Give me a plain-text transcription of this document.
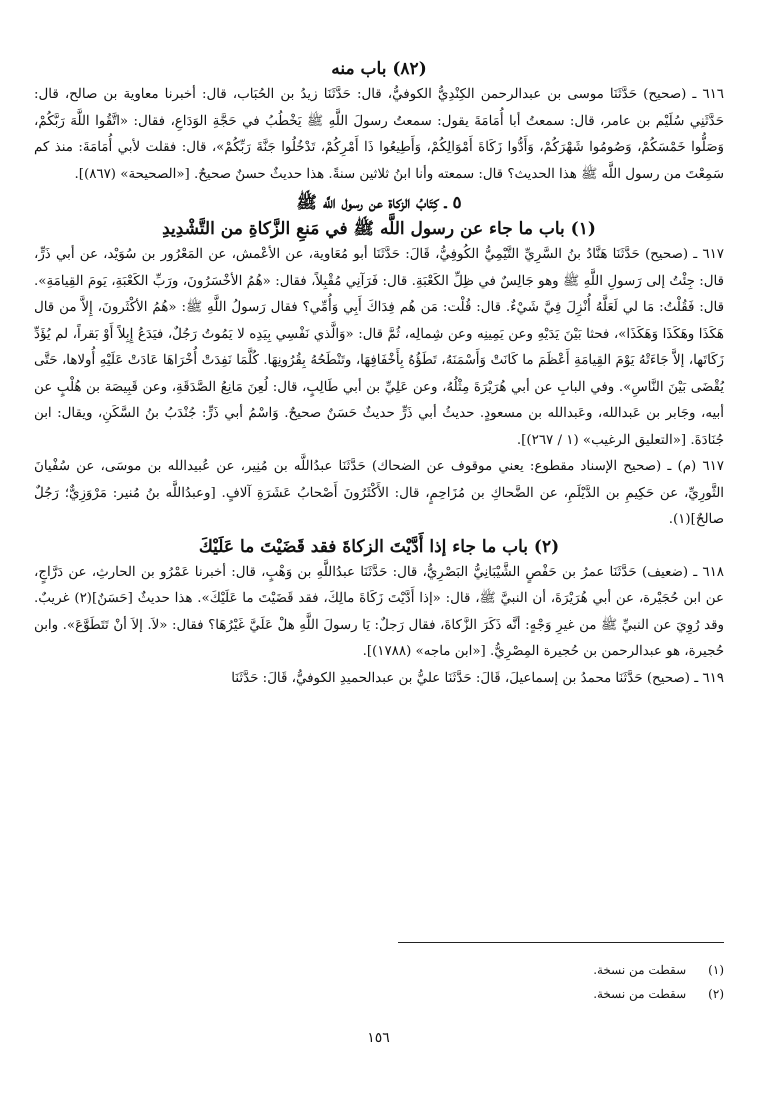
(٨٢) باب منه

٦١٦ ـ (صحيح) حَدَّثَنَا موسى بن عبدالرحمن الكِنْدِيُّ الكوفيُّ، قال: حَدَّثَنَا زيدُ بن الحُبَاب، قال: أخبرنا معاوية بن صالح، قال: حَدَّثَنِي سُلَيْم بن عامر، قال: سمعتُ أبا أُمَامَةَ يقول: سمعتُ رسولَ اللَّهِ ﷺ يَخْطُبُ في حَجَّةِ الوَدَاعِ، فقال: «اتَّقُوا اللَّهَ رَبَّكُمْ، وَصَلُّوا خَمْسَكُمْ، وَصُومُوا شَهْرَكُمْ، وَأَدُّوا زَكَاةَ أَمْوَالِكُمْ، وَأَطِيعُوا ذَا أَمْرِكُمْ، تَدْخُلُوا جَنَّةَ رَبِّكُمْ»، قال: فقلت لأبي أُمَامَةَ: منذ كم سَمِعْتَ من رسول اللَّه ﷺ هذا الحديث؟ قال: سمعته وأنا ابنُ ثلاثين سنةً. هذا حديثٌ حسنٌ صحيحٌ. [«الصحيحة» (٨٦٧)].

٥ ـ كِتَابُ الزكاة عن رسول اللَّه ﷺ

(١) باب ما جاء عن رسول اللَّه ﷺ في مَنعِ الزَّكاةِ من التَّشْدِيدِ

٦١٧ ـ (صحيح) حَدَّثَنَا هَنَّادُ بنُ السَّرِيِّ التَّيْمِيُّ الكُوفِيُّ، قَالَ: حَدَّثَنَا أبو مُعَاوية، عن الأعْمش، عن المَعْرُور بن سُوَيْد، عن أبي ذَرٍّ، قال: جِئْتُ إلى رَسولِ اللَّهِ ﷺ وهو جَالِسٌ في ظِلِّ الكَعْبَةِ. قال: فَرَآنِي مُقْبِلاً، فقال: «هُمُ الأخْسَرُونَ، ورَبِّ الكَعْبَةِ، يَومَ القِيامَةِ». قال: فَقُلْتُ: مَا لي لَعَلَّهُ أُنْزِلَ فِيَّ شَيْءٌ. قال: قُلْت: مَن هُم فِدَاكَ أَبِي وَأُمِّي؟ فقال رَسولُ اللَّهِ ﷺ: «هُمُ الأكْثَرونَ، إِلاَّ من قال هَكَذَا وهَكَذَا وَهَكَذَا»، فحثا بَيْنَ يَدَيْهِ وعن يَمِينِه وعن شِمالِه، ثُمَّ قال: «وَالَّذي نَفْسِي بِيَدِه لا يَمُوتُ رَجُلٌ، فيَدَعُ إِبِلاً أَوْ بَقراً، لم يُؤَدِّ زَكَاتَها، إلاَّ جَاءَتْهُ يَوْمَ القِيامَةِ أَعْظَمَ ما كَانَتْ وَأَسْمَنَهُ، تَطَؤُهُ بِأَخْفَافِهَا، وتَنْطَحُهُ بِقُرُونِهَا. كُلَّمَا نَفِدَتْ أُخْرَاهَا عَادَتْ عَلَيْهِ أُولاها، حَتَّى يُقْضَى بَيْنَ النَّاسِ». وفي البابِ عن أبي هُرَيْرَةَ مِثْلُهُ، وعن عَلِيِّ بن أبي طَالِبٍ، قال: لُعِنَ مَانِعُ الصَّدَقَةِ، وعن قَبِيصَة بن هُلْبٍ عن أبيه، وجَابر بن عَبدالله، وعَبدالله بن مسعودٍ. حديثُ أبي ذَرٍّ حديثٌ حَسَنٌ صحيحٌ. وَاسْمُ أبي ذَرٍّ: جُنْدَبُ بنُ السَّكَنِ، ويقال: ابن جُنَادَةَ. [«التعليق الرغيب» (١ / ٢٦٧)].

٦١٧ (م) ـ (صحيح الإسناد مقطوع: يعني موقوف عن الضحاك) حَدَّثَنَا عبدُاللَّه بن مُنِير، عن عُبيدالله بن موسَى، عن سُفْيانَ الثَّورِيِّ، عن حَكِيمِ بن الدَّيْلَمِ، عن الضَّحاكِ بن مُزَاحِمٍ، قال: الأَكْثَرُونَ أَصْحابُ عَشَرَةِ آلافٍ. [وعبدُاللَّه بنُ مُنير: مَرْوَزِيٌّ؛ رَجُلٌ صالحٌ](١).

(٢) باب ما جاء إذا أَدَّيْتَ الزكاةَ فقد قَضَيْتَ ما عَلَيْكَ

٦١٨ ـ (ضعيف) حَدَّثَنَا عمرُ بن حَفْصٍ الشَّيْبَانِيُّ البَصْرِيُّ، قال: حَدَّثَنَا عبدُاللَّهِ بن وَهْبٍ، قال: أخبرنا عَمْرُو بن الحارثِ، عن دَرَّاجٍ، عن ابن حُجَيْرة، عن أبي هُرَيْرَةَ، أن النبيَّ ﷺ، قال: «إذا أَدَّيْتَ زَكَاةَ مالِكَ، فقد قَضَيْتَ ما عَلَيْكَ». هذا حديثٌ [حَسَنٌ](٢) غريبٌ. وقد رُوِيَ عن النبيِّ ﷺ من غيرِ وَجْهٍ: أنَّه ذَكَرَ الزَّكاةَ، فقال رَجلٌ: يَا رسولَ اللَّهِ هلْ عَلَيَّ غَيْرُهَا؟ فقال: «لاَ. إلاَ أنْ تَتَطَوَّعَ». وابن حُجيرة، هو عبدالرحمن بن حُجيرة المِصْرِيُّ. [«ابن ماجه» (١٧٨٨)].

٦١٩ ـ (صحيح) حَدَّثَنَا محمدُ بن إسماعيلَ، قَالَ: حَدَّثَنَا عليُّ بن عبدالحميدِ الكوفيُّ، قَالَ: حَدَّثَنَا

(١) سقطت من نسخة.
(٢) سقطت من نسخة.
١٥٦
